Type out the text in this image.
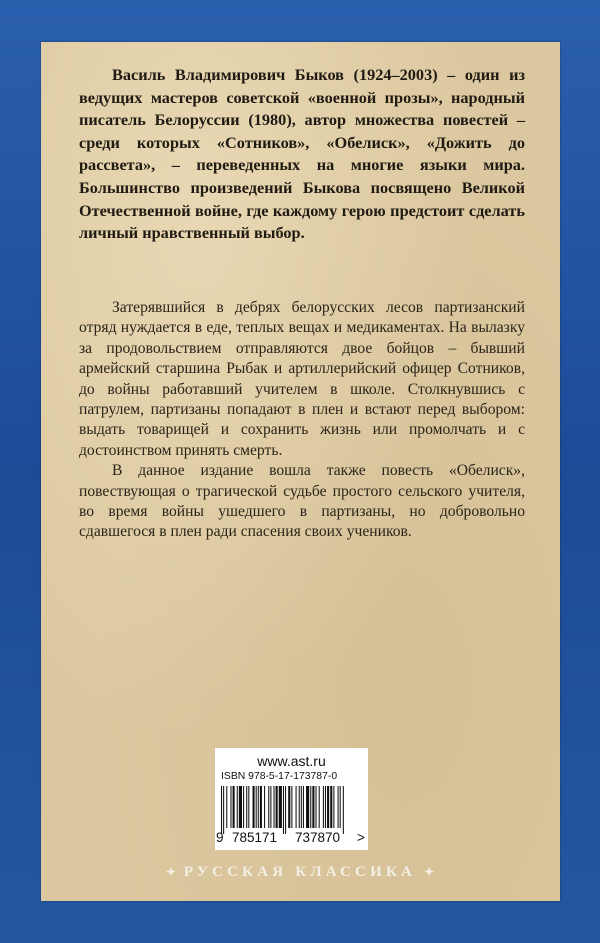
Василь Владимирович Быков (1924–2003) – один из ведущих мастеров советской «военной прозы», народный писатель Белоруссии (1980), автор множества повестей – среди которых «Сотников», «Обелиск», «Дожить до рассвета», – переведенных на многие языки мира. Большинство произведений Быкова посвящено Великой Отечественной войне, где каждому герою предстоит сделать личный нравственный выбор.

Затерявшийся в дебрях белорусских лесов партизанский отряд нуждается в еде, теплых вещах и медикаментах. На вылазку за продовольствием отправляются двое бойцов – бывший армейский старшина Рыбак и артиллерийский офицер Сотников, до войны работавший учителем в школе. Столкнувшись с патрулем, партизаны попадают в плен и встают перед выбором: выдать товарищей и сохранить жизнь или промолчать и с достоинством принять смерть.

В данное издание вошла также повесть «Обелиск», повествующая о трагической судьбе простого сельского учителя, во время войны ушедшего в партизаны, но добровольно сдавшегося в плен ради спасения своих учеников.

www.ast.ru
ISBN 978-5-17-173787-0
9 785171 737870 >
✦ РУССКАЯ КЛАССИКА ✦
